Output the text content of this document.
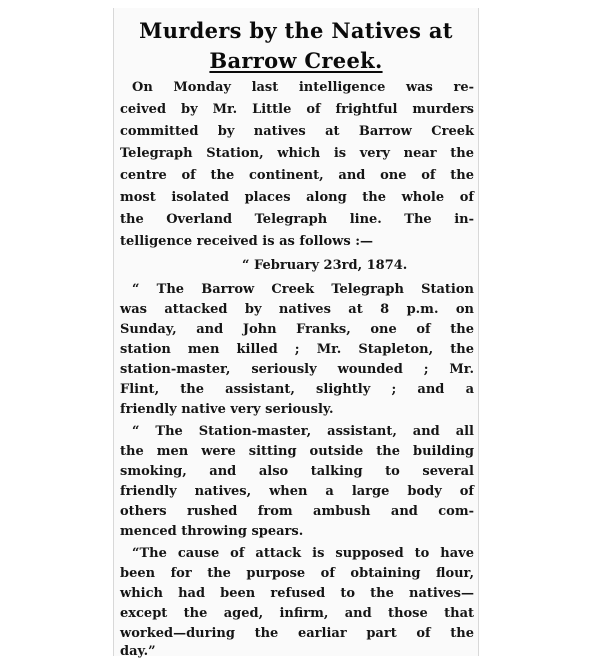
Murders by the Natives at
Barrow Creek.
On Monday last intelligence was re-
ceived by Mr. Little of frightful murders
committed by natives at Barrow Creek
Telegraph Station, which is very near the
centre of the continent, and one of the
most isolated places along the whole of
the Overland Telegraph line. The in-
telligence received is as follows :—
“ February 23rd, 1874.
“ The Barrow Creek Telegraph Station
was attacked by natives at 8 p.m. on
Sunday, and John Franks, one of the
station men killed ; Mr. Stapleton, the
station-master, seriously wounded ; Mr.
Flint, the assistant, slightly ; and a
friendly native very seriously.
“ The Station-master, assistant, and all
the men were sitting outside the building
smoking, and also talking to several
friendly natives, when a large body of
others rushed from ambush and com-
menced throwing spears.
“The cause of attack is supposed to have
been for the purpose of obtaining flour,
which had been refused to the natives—
except the aged, infirm, and those that
worked—during the earliar part of the
day.”
